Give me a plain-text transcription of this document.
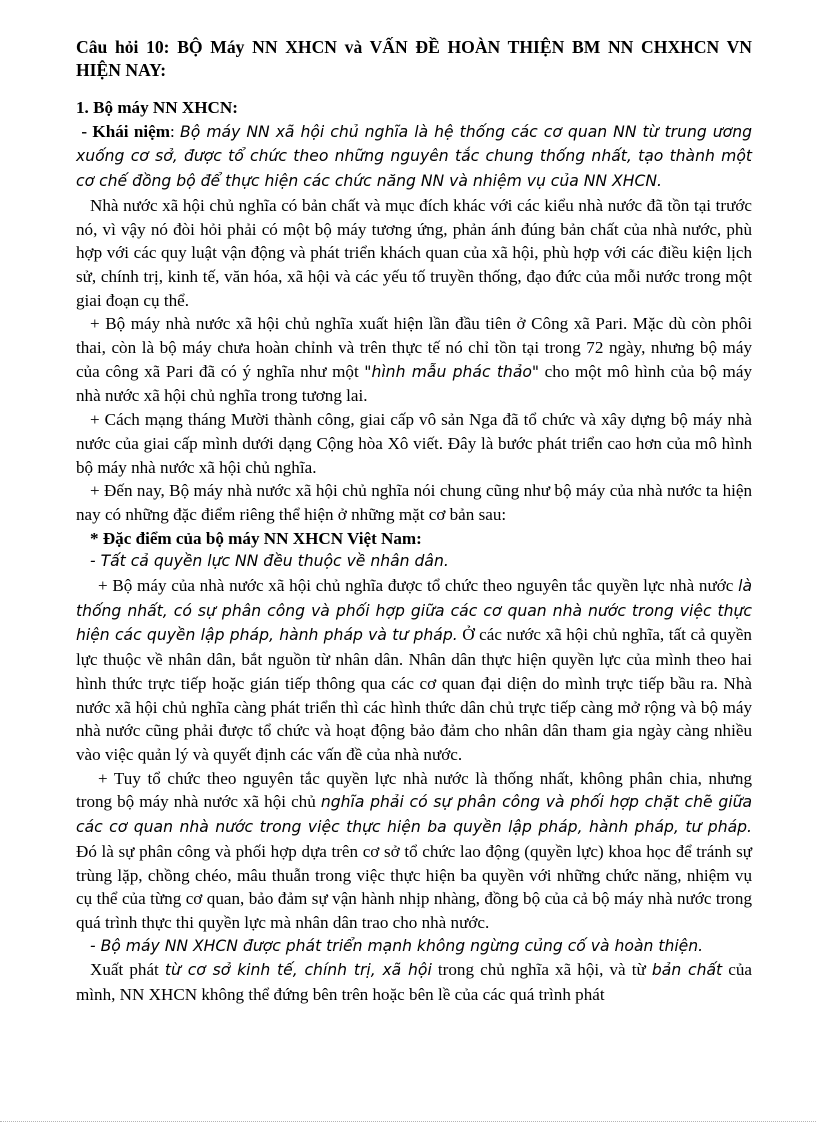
Câu hỏi 10: BỘ Máy NN XHCN và VẤN ĐỀ HOÀN THIỆN BM NN CHXHCN VN HIỆN NAY:

1. Bộ máy NN XHCN:

- Khái niệm: Bộ máy NN xã hội chủ nghĩa là hệ thống các cơ quan NN từ trung ương xuống cơ sở, được tổ chức theo những nguyên tắc chung thống nhất, tạo thành một cơ chế đồng bộ để thực hiện các chức năng NN và nhiệm vụ của NN XHCN.

Nhà nước xã hội chủ nghĩa có bản chất và mục đích khác với các kiểu nhà nước đã tồn tại trước nó, vì vậy nó đòi hỏi phải có một bộ máy tương ứng, phản ánh đúng bản chất của nhà nước, phù hợp với các quy luật vận động và phát triển khách quan của xã hội, phù hợp với các điều kiện lịch sử, chính trị, kinh tế, văn hóa, xã hội và các yếu tố truyền thống, đạo đức của mỗi nước trong một giai đoạn cụ thể.

+ Bộ máy nhà nước xã hội chủ nghĩa xuất hiện lần đầu tiên ở Công xã Pari. Mặc dù còn phôi thai, còn là bộ máy chưa hoàn chỉnh và trên thực tế nó chỉ tồn tại trong 72 ngày, nhưng bộ máy của công xã Pari đã có ý nghĩa như một "hình mẫu phác thảo" cho một mô hình của bộ máy nhà nước xã hội chủ nghĩa trong tương lai.

+ Cách mạng tháng Mười thành công, giai cấp vô sản Nga đã tổ chức và xây dựng bộ máy nhà nước của giai cấp mình dưới dạng Cộng hòa Xô viết. Đây là bước phát triển cao hơn của mô hình bộ máy nhà nước xã hội chủ nghĩa.

+ Đến nay, Bộ máy nhà nước xã hội chủ nghĩa nói chung cũng như bộ máy của nhà nước ta hiện nay có những đặc điểm riêng thể hiện ở những mặt cơ bản sau:

* Đặc điểm của bộ máy NN XHCN Việt Nam:

- Tất cả quyền lực NN đều thuộc về nhân dân.

+ Bộ máy của nhà nước xã hội chủ nghĩa được tổ chức theo nguyên tắc quyền lực nhà nước là thống nhất, có sự phân công và phối hợp giữa các cơ quan nhà nước trong việc thực hiện các quyền lập pháp, hành pháp và tư pháp. Ở các nước xã hội chủ nghĩa, tất cả quyền lực thuộc về nhân dân, bắt nguồn từ nhân dân. Nhân dân thực hiện quyền lực của mình theo hai hình thức trực tiếp hoặc gián tiếp thông qua các cơ quan đại diện do mình trực tiếp bầu ra. Nhà nước xã hội chủ nghĩa càng phát triển thì các hình thức dân chủ trực tiếp càng mở rộng và bộ máy nhà nước cũng phải được tổ chức và hoạt động bảo đảm cho nhân dân tham gia ngày càng nhiều vào việc quản lý và quyết định các vấn đề của nhà nước.

+ Tuy tổ chức theo nguyên tắc quyền lực nhà nước là thống nhất, không phân chia, nhưng trong bộ máy nhà nước xã hội chủ nghĩa phải có sự phân công và phối hợp chặt chẽ giữa các cơ quan nhà nước trong việc thực hiện ba quyền lập pháp, hành pháp, tư pháp. Đó là sự phân công và phối hợp dựa trên cơ sở tổ chức lao động (quyền lực) khoa học để tránh sự trùng lặp, chồng chéo, mâu thuẫn trong việc thực hiện ba quyền với những chức năng, nhiệm vụ cụ thể của từng cơ quan, bảo đảm sự vận hành nhịp nhàng, đồng bộ của cả bộ máy nhà nước trong quá trình thực thi quyền lực mà nhân dân trao cho nhà nước.

- Bộ máy NN XHCN được phát triển mạnh không ngừng củng cố và hoàn thiện.

Xuất phát từ cơ sở kinh tế, chính trị, xã hội trong chủ nghĩa xã hội, và từ bản chất của mình, NN XHCN không thể đứng bên trên hoặc bên lề của các quá trình phát
